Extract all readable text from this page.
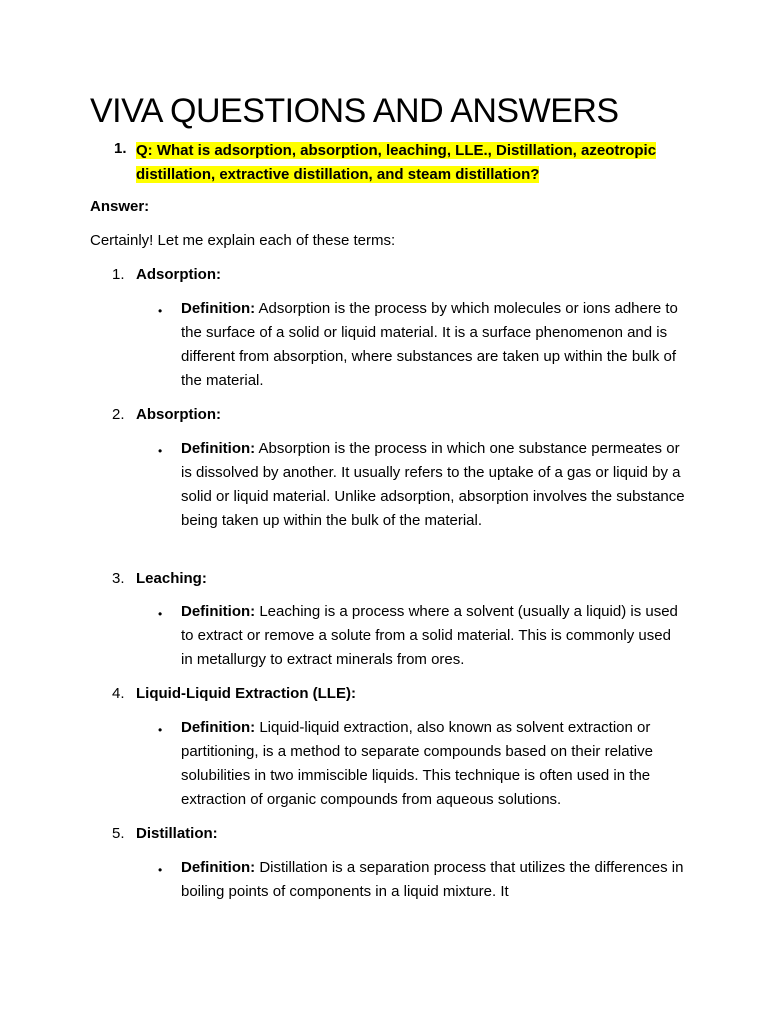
VIVA QUESTIONS AND ANSWERS
1. Q: What is adsorption, absorption, leaching, LLE., Distillation, azeotropic distillation, extractive distillation, and steam distillation?
Answer:
Certainly! Let me explain each of these terms:
1. Adsorption:
• Definition: Adsorption is the process by which molecules or ions adhere to the surface of a solid or liquid material. It is a surface phenomenon and is different from absorption, where substances are taken up within the bulk of the material.
2. Absorption:
• Definition: Absorption is the process in which one substance permeates or is dissolved by another. It usually refers to the uptake of a gas or liquid by a solid or liquid material. Unlike adsorption, absorption involves the substance being taken up within the bulk of the material.
3. Leaching:
• Definition: Leaching is a process where a solvent (usually a liquid) is used to extract or remove a solute from a solid material. This is commonly used in metallurgy to extract minerals from ores.
4. Liquid-Liquid Extraction (LLE):
• Definition: Liquid-liquid extraction, also known as solvent extraction or partitioning, is a method to separate compounds based on their relative solubilities in two immiscible liquids. This technique is often used in the extraction of organic compounds from aqueous solutions.
5. Distillation:
• Definition: Distillation is a separation process that utilizes the differences in boiling points of components in a liquid mixture. It
